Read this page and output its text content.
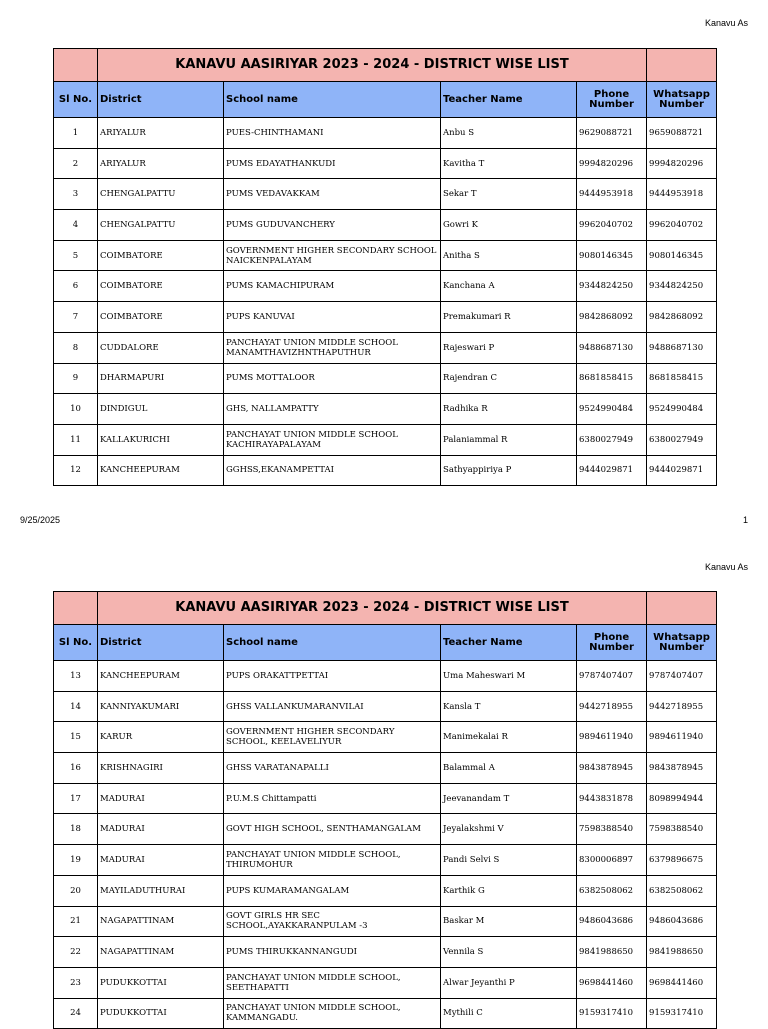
Kanavu As
	KANAVU AASIRIYAR 2023 - 2024 - DISTRICT WISE LIST				
Sl No.	District	School name	Teacher Name	Phone Number	Whatsapp Number
1	ARIYALUR	PUES-CHINTHAMANI	Anbu S	9629088721	9659088721
2	ARIYALUR	PUMS EDAYATHANKUDI	Kavitha T	9994820296	9994820296
3	CHENGALPATTU	PUMS VEDAVAKKAM	Sekar T	9444953918	9444953918
4	CHENGALPATTU	PUMS GUDUVANCHERY	Gowri K	9962040702	9962040702
5	COIMBATORE	GOVERNMENT HIGHER SECONDARY SCHOOL NAICKENPALAYAM	Anitha S	9080146345	9080146345
6	COIMBATORE	PUMS KAMACHIPURAM	Kanchana A	9344824250	9344824250
7	COIMBATORE	PUPS KANUVAI	Premakumari R	9842868092	9842868092
8	CUDDALORE	PANCHAYAT UNION MIDDLE SCHOOL MANAMTHAVIZHNTHAPUTHUR	Rajeswari P	9488687130	9488687130
9	DHARMAPURI	PUMS MOTTALOOR	Rajendran C	8681858415	8681858415
10	DINDIGUL	GHS, NALLAMPATTY	Radhika R	9524990484	9524990484
11	KALLAKURICHI	PANCHAYAT UNION MIDDLE SCHOOL KACHIRAYAPALAYAM	Palaniammal R	6380027949	6380027949
12	KANCHEEPURAM	GGHSS,EKANAMPETTAI	Sathyappiriya P	9444029871	9444029871
9/25/2025	1
Kanavu As
	KANAVU AASIRIYAR 2023 - 2024 - DISTRICT WISE LIST				
Sl No.	District	School name	Teacher Name	Phone Number	Whatsapp Number
13	KANCHEEPURAM	PUPS ORAKATTPETTAI	Uma Maheswari M	9787407407	9787407407
14	KANNIYAKUMARI	GHSS VALLANKUMARANVILAI	Kansla T	9442718955	9442718955
15	KARUR	GOVERNMENT HIGHER SECONDARY SCHOOL, KEELAVELIYUR	Manimekalai R	9894611940	9894611940
16	KRISHNAGIRI	GHSS VARATANAPALLI	Balammal A	9843878945	9843878945
17	MADURAI	P.U.M.S Chittampatti	Jeevanandam T	9443831878	8098994944
18	MADURAI	GOVT HIGH SCHOOL, SENTHAMANGALAM	Jeyalakshmi V	7598388540	7598388540
19	MADURAI	PANCHAYAT UNION MIDDLE SCHOOL, THIRUMOHUR	Pandi Selvi S	8300006897	6379896675
20	MAYILADUTHURAI	PUPS KUMARAMANGALAM	Karthik G	6382508062	6382508062
21	NAGAPATTINAM	GOVT GIRLS HR SEC SCHOOL,AYAKKARANPULAM -3	Baskar M	9486043686	9486043686
22	NAGAPATTINAM	PUMS THIRUKKANNANGUDI	Vennila S	9841988650	9841988650
23	PUDUKKOTTAI	PANCHAYAT UNION MIDDLE SCHOOL, SEETHAPATTI	Alwar Jeyanthi P	9698441460	9698441460
24	PUDUKKOTTAI	PANCHAYAT UNION MIDDLE SCHOOL, KAMMANGADU.	Mythili C	9159317410	9159317410
